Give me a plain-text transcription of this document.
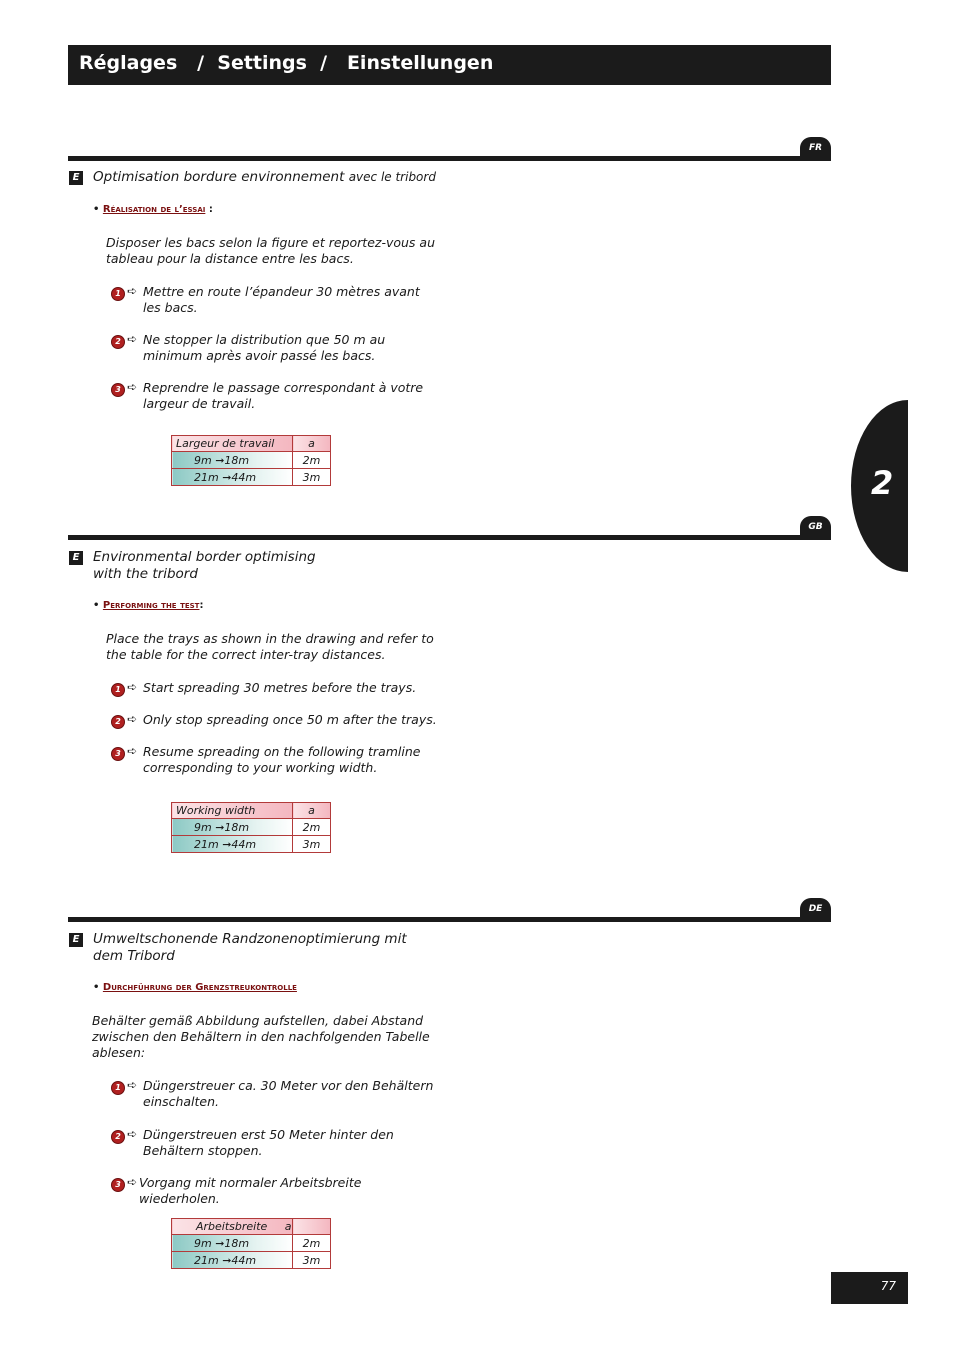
Réglages   /  Settings  /   Einstellungen
2
FR
E Optimisation bordure environnement avec le tribord
• Réalisation de l’essai :
Disposer les bacs selon la figure et reportez-vous au
tableau pour la distance entre les bacs.
1 ➪ Mettre en route l’épandeur 30 mètres avant
les bacs.
2 ➪ Ne stopper la distribution que 50 m au
minimum après avoir passé les bacs.
3 ➪ Reprendre le passage correspondant à votre
largeur de travail.
Largeur de travail	a
9m ➞18m	2m
21m ➞44m	3m
GB
E Environmental border optimising
with the tribord
• Performing the test:
Place the trays as shown in the drawing and refer to
the table for the correct inter-tray distances.
1 ➪ Start spreading 30 metres before the trays.
2 ➪ Only stop spreading once 50 m after the trays.
3 ➪ Resume spreading on the following tramline
corresponding to your working width.
Working width	a
9m ➞18m	2m
21m ➞44m	3m
DE
E Umweltschonende Randzonenoptimierung mit
dem Tribord
• Durchführung der Grenzstreukontrolle
Behälter gemäß Abbildung aufstellen, dabei Abstand
zwischen den Behältern in den nachfolgenden Tabelle
ablesen:
1 ➪ Düngerstreuer ca. 30 Meter vor den Behältern
einschalten.
2 ➪ Düngerstreuen erst 50 Meter hinter den
Behältern stoppen.
3 ➪ Vorgang mit normaler Arbeitsbreite
wiederholen.
Arbeitsbreite     a	
9m ➞18m	2m
21m ➞44m	3m
77
